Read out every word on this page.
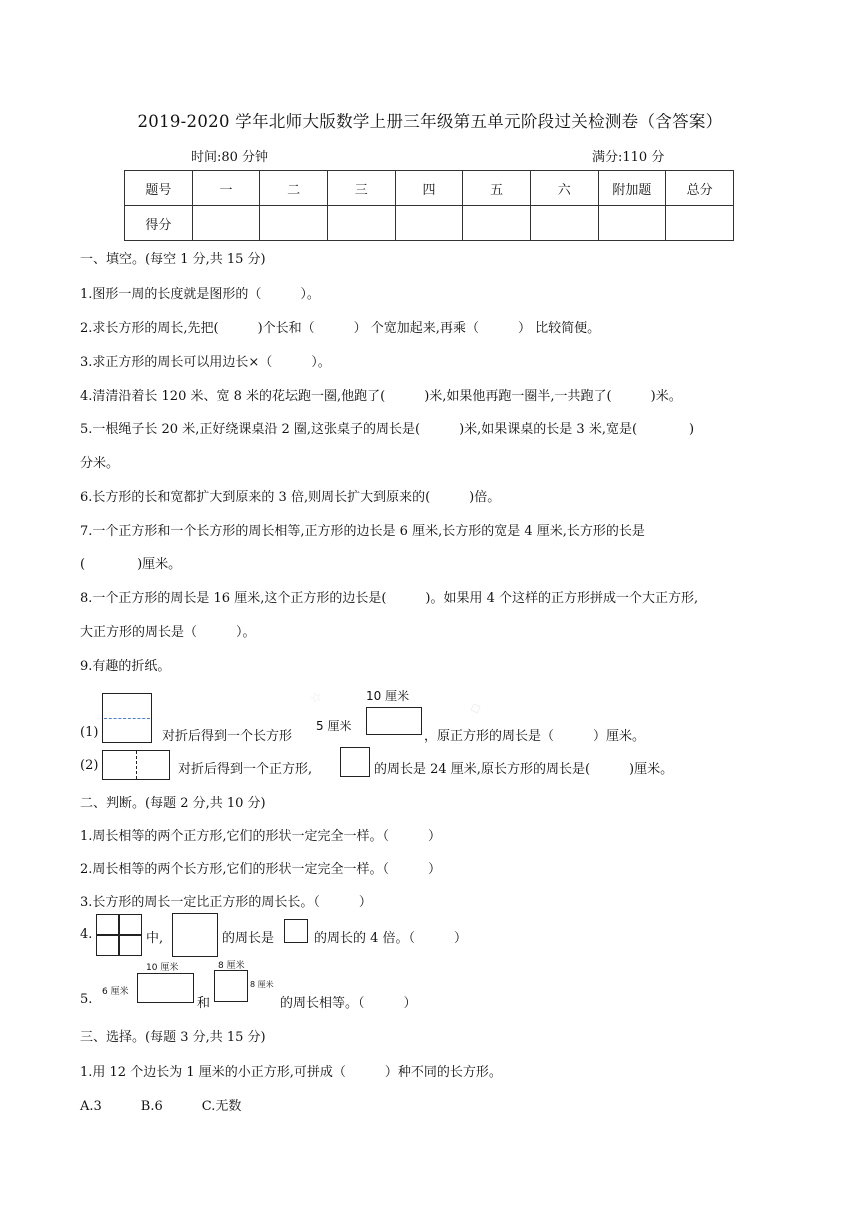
2019-2020 学年北师大版数学上册三年级第五单元阶段过关检测卷（含答案）
时间:80 分钟	满分:110 分
题号	一	二	三	四	五	六	附加题	总分
得分								
一、填空。(每空 1 分,共 15 分)
1.图形一周的长度就是图形的（　　　）。
2.求长方形的周长,先把(　　　)个长和（　　　） 个宽加起来,再乘（　　　） 比较简便。
3.求正方形的周长可以用边长×（　　　）。
4.清清沿着长 120 米、宽 8 米的花坛跑一圈,他跑了(　　　)米,如果他再跑一圈半,一共跑了(　　　)米。
5.一根绳子长 20 米,正好绕课桌沿 2 圈,这张桌子的周长是(　　　)米,如果课桌的长是 3 米,宽是(　　　　)
分米。
6.长方形的长和宽都扩大到原来的 3 倍,则周长扩大到原来的(　　　)倍。
7.一个正方形和一个长方形的周长相等,正方形的边长是 6 厘米,长方形的宽是 4 厘米,长方形的长是
(　　　　)厘米。
8.一个正方形的周长是 16 厘米,这个正方形的边长是(　　　)。如果用 4 个这样的正方形拼成一个大正方形,
大正方形的周长是（　　　）。
9.有趣的折纸。
☆
◇
(1)	对折后得到一个长方形
10 厘米
5 厘米
，原正方形的周长是（　　　）厘米。
(2)	对折后得到一个正方形,	的周长是 24 厘米,原长方形的周长是(　　　)厘米。
二、判断。(每题 2 分,共 10 分)
1.周长相等的两个正方形,它们的形状一定完全一样。（　　　）
2.周长相等的两个长方形,它们的形状一定完全一样。（　　　）
3.长方形的周长一定比正方形的周长长。（　　　）
4.	中,	的周长是	的周长的 4 倍。（　　　）
5.
10 厘米
6 厘米
和
8 厘米
8 厘米
的周长相等。（　　　）
三、选择。(每题 3 分,共 15 分)
1.用 12 个边长为 1 厘米的小正方形,可拼成（　　　）种不同的长方形。
A.3　　　B.6　　　C.无数
